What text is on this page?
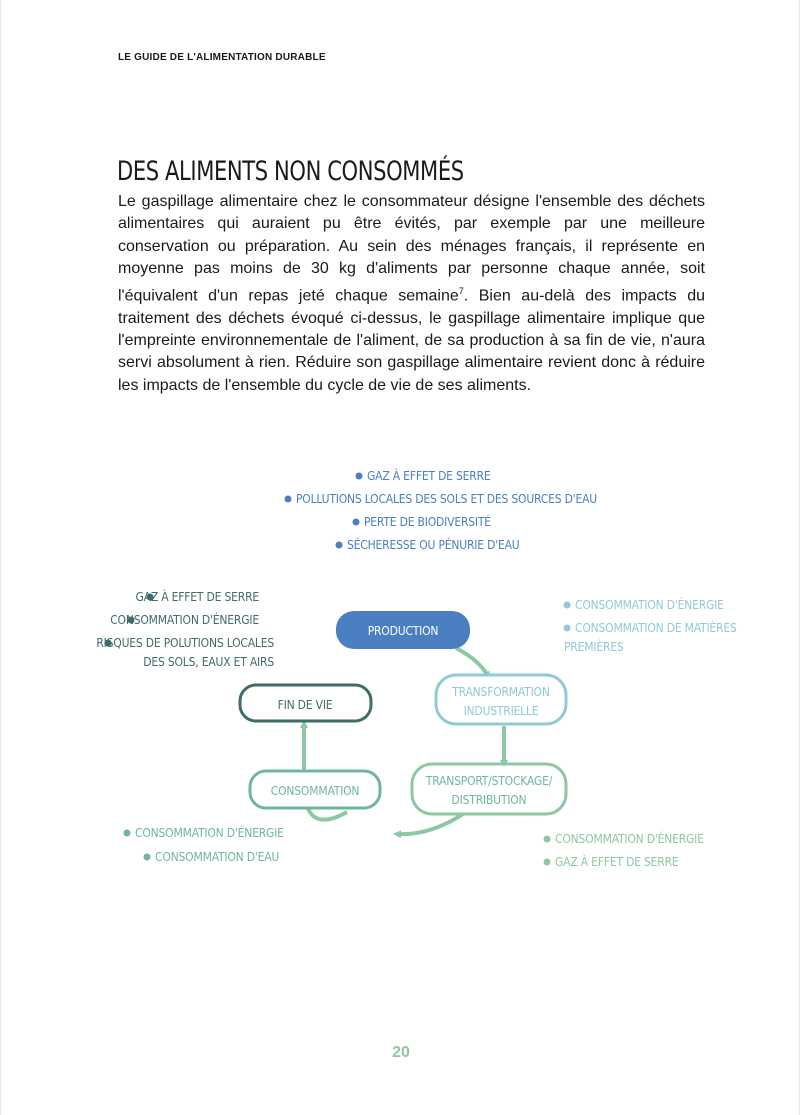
LE GUIDE DE L'ALIMENTATION DURABLE
DES ALIMENTS NON CONSOMMÉS

Le gaspillage alimentaire chez le consommateur désigne l'ensemble des déchets alimentaires qui auraient pu être évités, par exemple par une meilleure conservation ou préparation. Au sein des ménages français, il représente en moyenne pas moins de 30 kg d'aliments par personne chaque année, soit l'équivalent d'un repas jeté chaque semaine$^7$. Bien au-delà des impacts du traitement des déchets évoqué ci-dessus, le gaspillage alimentaire implique que l'empreinte environnementale de l'aliment, de sa production à sa fin de vie, n'aura servi absolument à rien. Réduire son gaspillage alimentaire revient donc à réduire les impacts de l'ensemble du cycle de vie de ses aliments.

PRODUCTION
TRANSFORMATION
INDUSTRIELLE
TRANSPORT/STOCKAGE/
DISTRIBUTION
CONSOMMATION
FIN DE VIE
GAZ À EFFET DE SERRE
POLLUTIONS LOCALES DES SOLS ET DES SOURCES D'EAU
PERTE DE BIODIVERSITÉ
SÉCHERESSE OU PÉNURIE D'EAU
GAZ À EFFET DE SERRE
CONSOMMATION D'ÉNERGIE
RISQUES DE POLUTIONS LOCALES
DES SOLS, EAUX ET AIRS
CONSOMMATION D'ÉNERGIE
CONSOMMATION DE MATIÈRES
PREMIÈRES
CONSOMMATION D'ÉNERGIE
CONSOMMATION D'EAU
CONSOMMATION D'ÉNERGIE
GAZ À EFFET DE SERRE
20
